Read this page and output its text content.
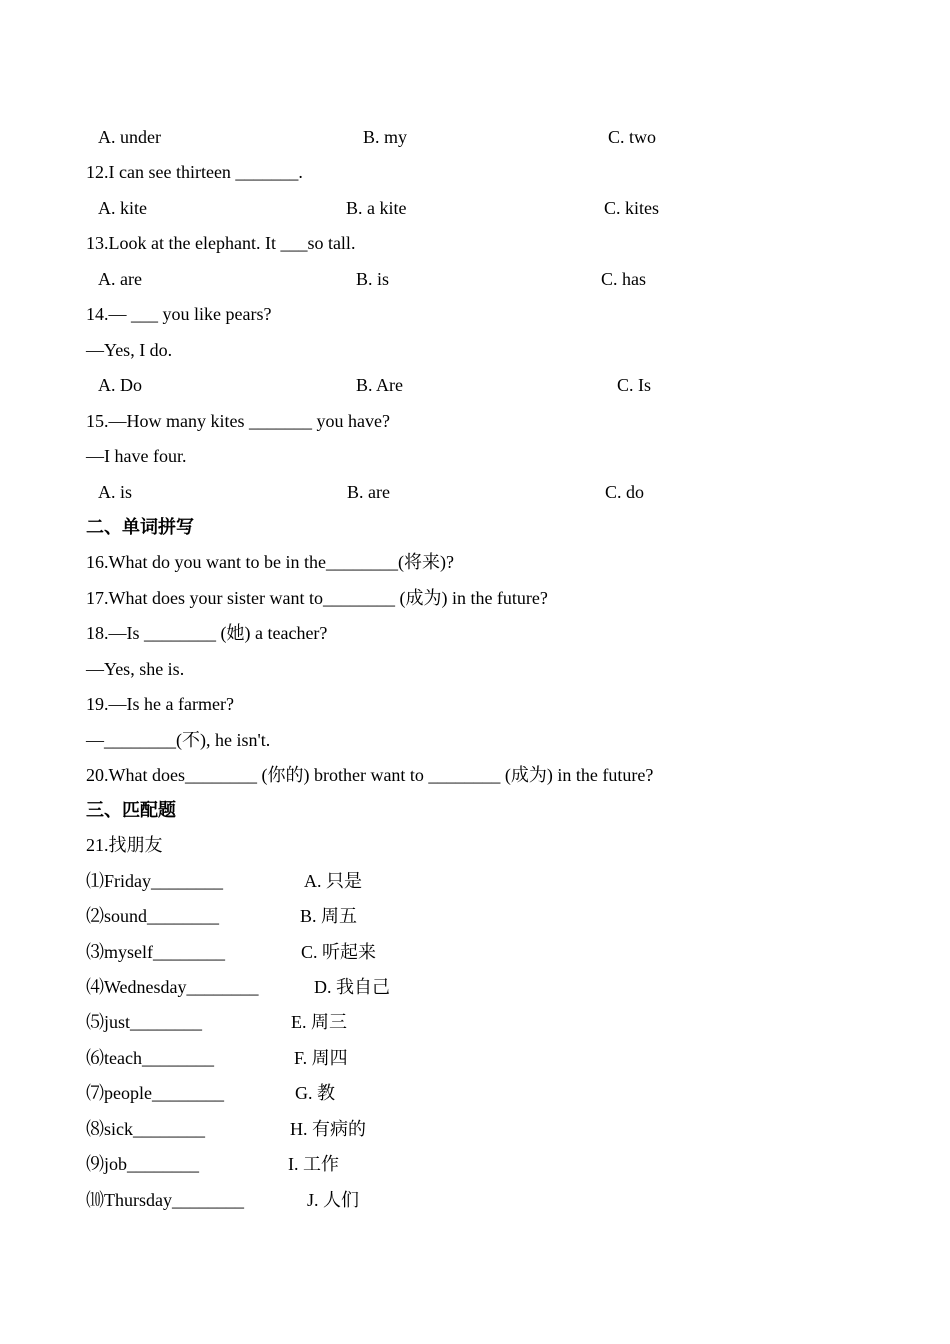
A. under	B. my	C. two
12.I can see thirteen _______.
A. kite	B. a kite	C. kites
13.Look at the elephant. It ___so tall.
A. are	B. is	C. has
14.— ___ you like pears?
—Yes, I do.
A. Do	B. Are	C. Is
15.—How many kites _______ you have?
—I have four.
A. is	B. are	C. do
二、单词拼写
16.What do you want to be in the________(将来)?
17.What does your sister want to________ (成为) in the future?
18.—Is ________ (她) a teacher?
—Yes, she is.
19.—Is he a farmer?
—________(不), he isn't.
20.What does________ (你的) brother want to ________ (成为) in the future?
三、匹配题
21.找朋友
⑴Friday________	A. 只是
⑵sound________	B. 周五
⑶myself________	C. 听起来
⑷Wednesday________	D. 我自己
⑸just________	E. 周三
⑹teach________	F. 周四
⑺people________	G. 教
⑻sick________	H. 有病的
⑼job________	I. 工作
⑽Thursday________	J. 人们
